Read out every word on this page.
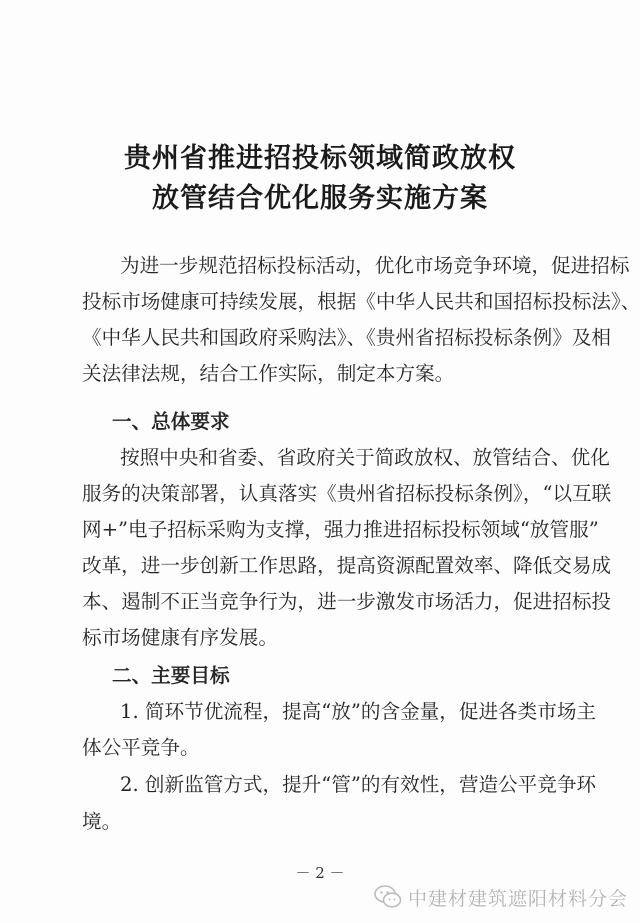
贵州省推进招投标领域简政放权
放管结合优化服务实施方案
为进一步规范招标投标活动，优化市场竞争环境，促进招标
投标市场健康可持续发展，根据《中华人民共和国招标投标法》、
《中华人民共和国政府采购法》、《贵州省招标投标条例》及相
关法律法规，结合工作实际，制定本方案。
一、总体要求
按照中央和省委、省政府关于简政放权、放管结合、优化
服务的决策部署，认真落实《贵州省招标投标条例》，“以互联
网+”电子招标采购为支撑，强力推进招标投标领域“放管服”
改革，进一步创新工作思路，提高资源配置效率、降低交易成
本、遏制不正当竞争行为，进一步激发市场活力，促进招标投
标市场健康有序发展。
二、主要目标
1. 简环节优流程，提高“放”的含金量，促进各类市场主
体公平竞争。
2. 创新监管方式，提升“管”的有效性，营造公平竞争环
境。
－ 2 －
中建材建筑遮阳材料分会
